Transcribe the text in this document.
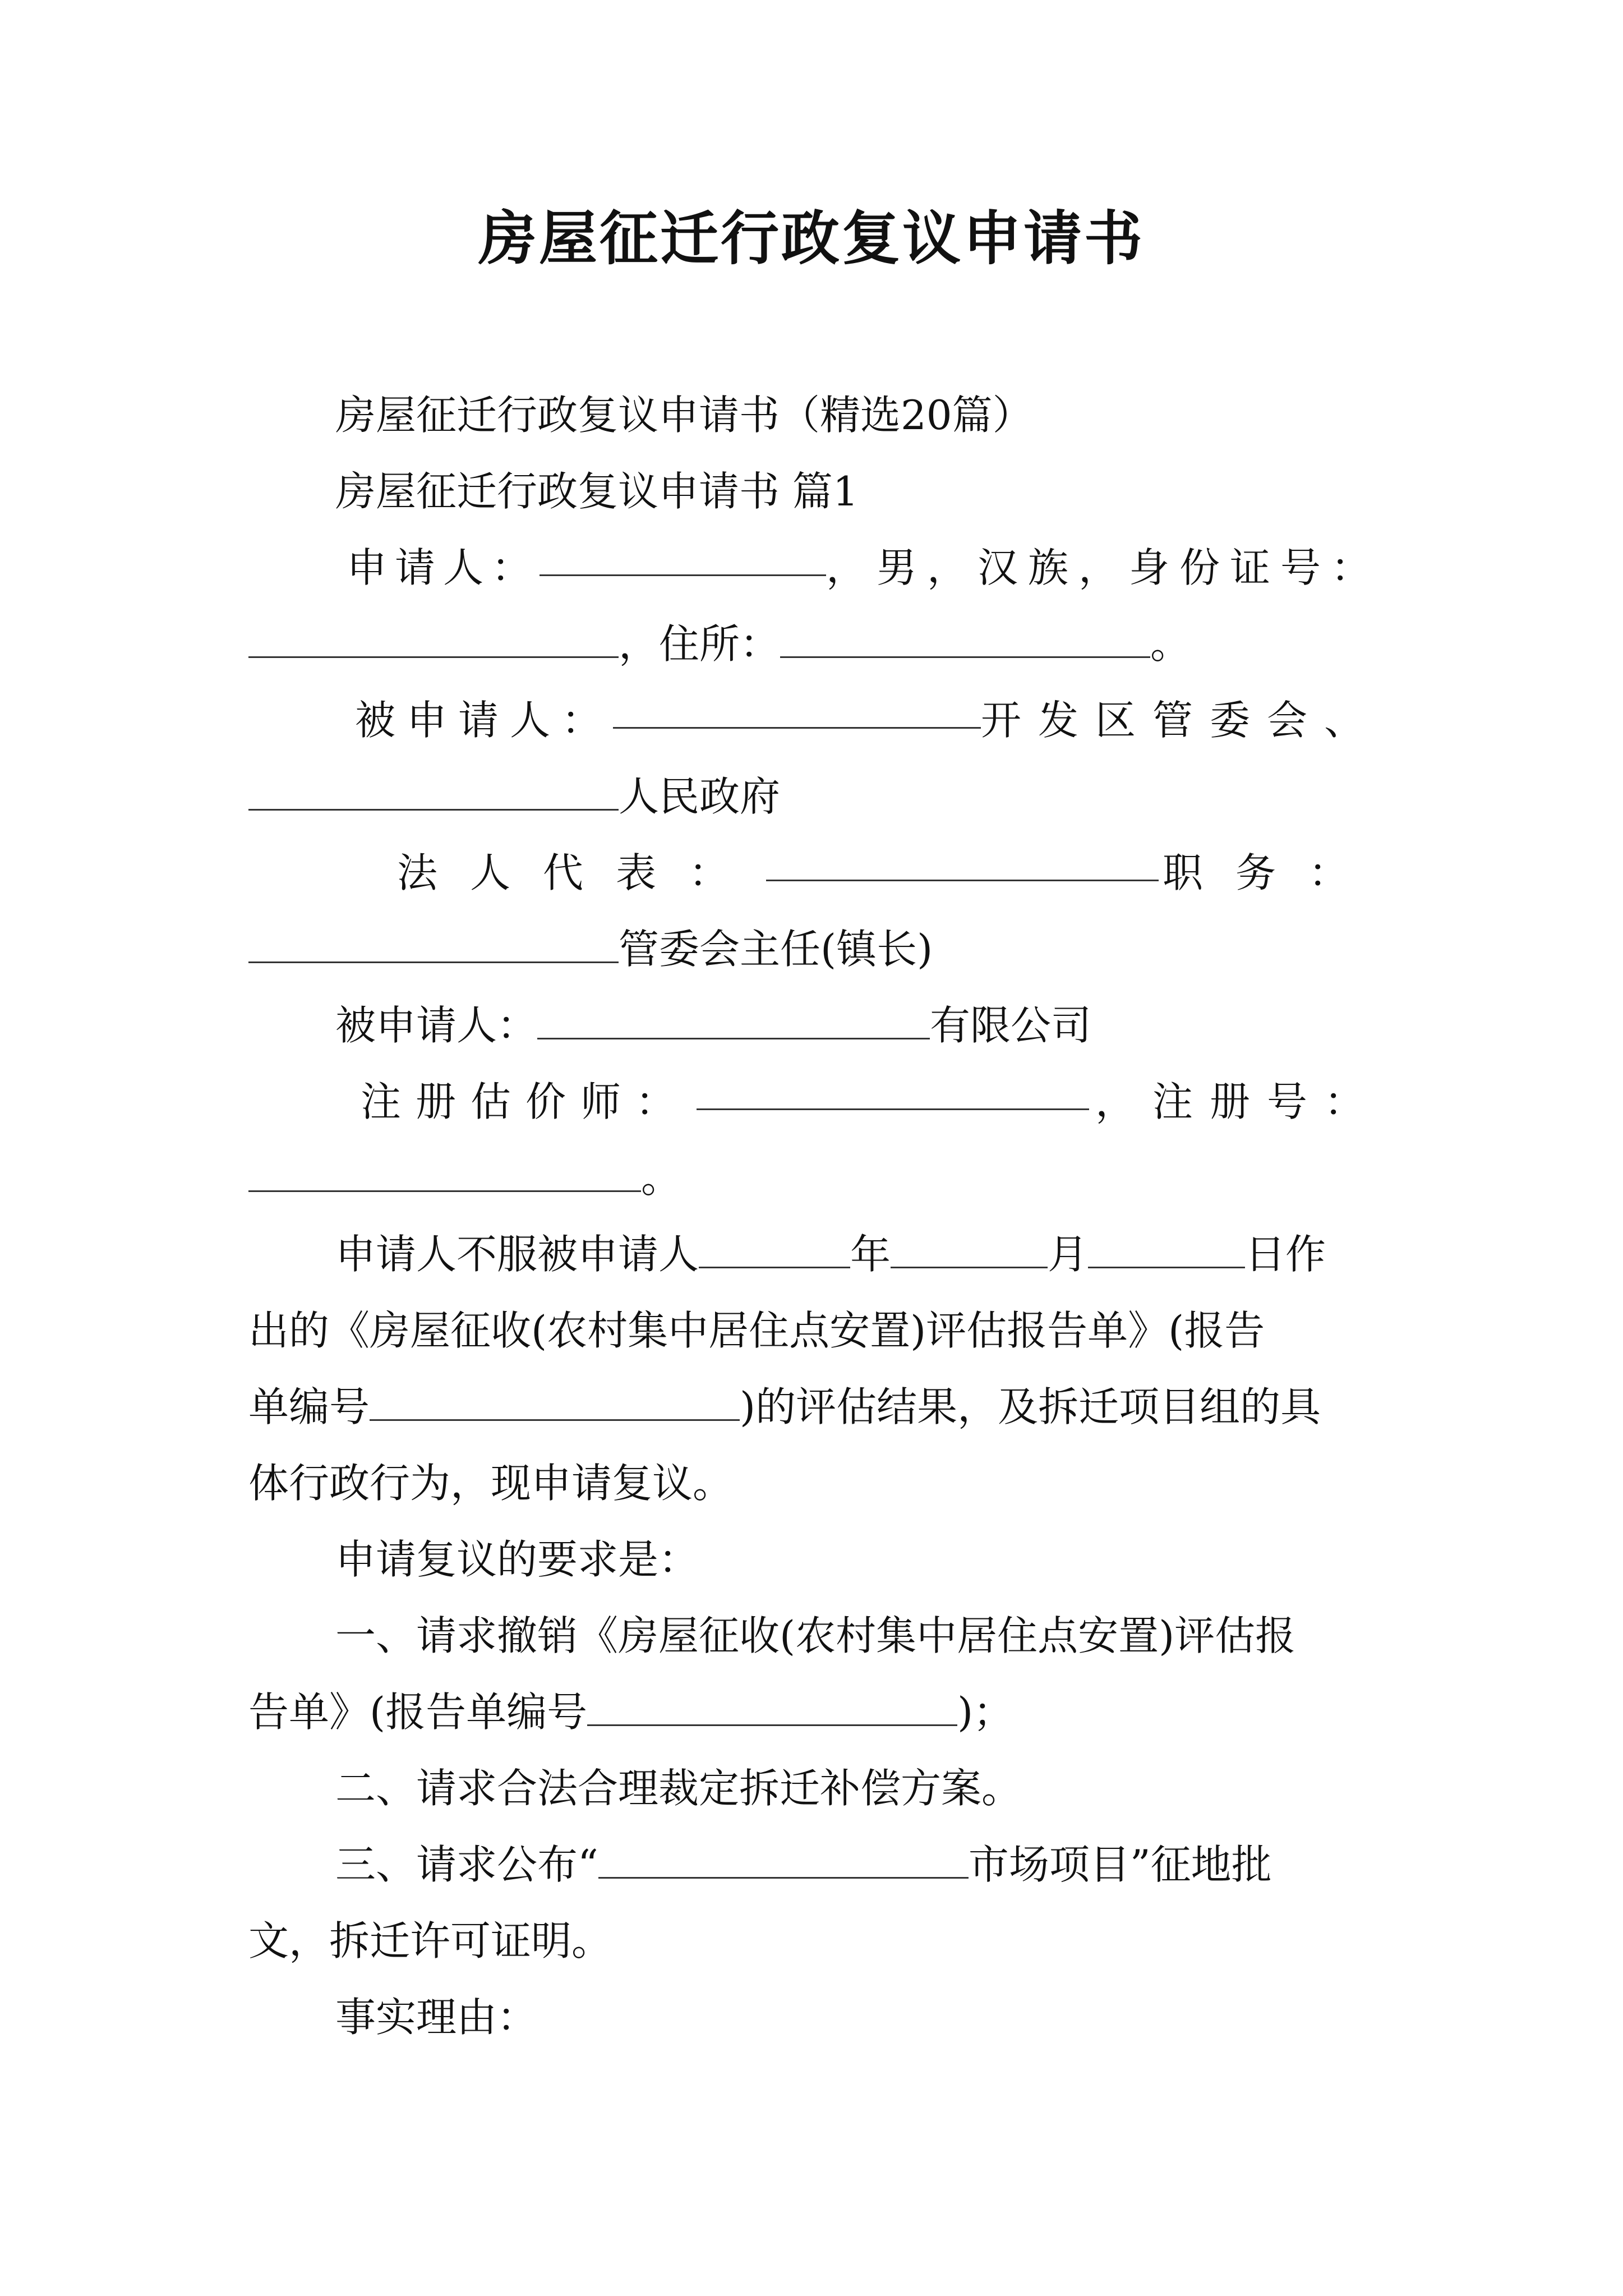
房屋征迁行政复议申请书
房屋征迁行政复议申请书（精选20篇）
房屋征迁行政复议申请书 篇1
申请人：	，男，汉族，身份证号：
，住所：	。
被申请人：	开发区管委会、
人民政府
法人代表：	职务：
管委会主任(镇长)
被申请人：	有限公司
注册估价师：	，注册号：
。
申请人不服被申请人	年	月	日作
出的《房屋征收(农村集中居住点安置)评估报告单》(报告
单编号	)的评估结果，及拆迁项目组的具
体行政行为，现申请复议。
申请复议的要求是：
一、请求撤销《房屋征收(农村集中居住点安置)评估报
告单》(报告单编号	)；
二、请求合法合理裁定拆迁补偿方案。
三、请求公布“	市场项目”征地批
文，拆迁许可证明。
事实理由：
